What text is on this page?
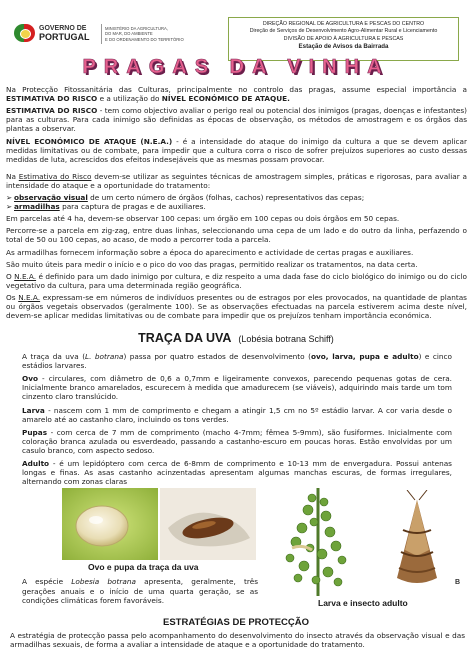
GOVERNO DE
PORTUGAL
MINISTÉRIO DA AGRICULTURA,
DO MAR, DO AMBIENTE
E DO ORDENAMENTO DO TERRITÓRIO
DIREÇÃO REGIONAL DE AGRICULTURA E PESCAS DO CENTRO
Direção de Serviços de Desenvolvimento Agro-Alimentar Rural e Licenciamento
DIVISÃO DE APOIO À AGRICULTURA E PESCAS
Estação de Avisos da Bairrada
PRAGAS DA VINHA
Na Protecção Fitossanitária das Culturas, principalmente no controlo das pragas, assume especial importância a ESTIMATIVA DO RISCO e a utilização do NÍVEL ECONÓMICO DE ATAQUE.
ESTIMATIVA DO RISCO - tem como objectivo avaliar o perigo real ou potencial dos inimigos (pragas, doenças e infestantes) para as culturas. Para cada inimigo são definidas as épocas de observação, os métodos de amostragem e os órgãos das plantas a observar.
NÍVEL ECONÓMICO DE ATAQUE (N.E.A.) - é a intensidade do ataque do inimigo da cultura a que se devem aplicar medidas limitativas ou de combate, para impedir que a cultura corra o risco de sofrer prejuízos superiores ao custo dessas medidas de luta, acrescidos dos efeitos indesejáveis que as mesmas possam provocar.
Na Estimativa do Risco devem-se utilizar as seguintes técnicas de amostragem simples, práticas e rigorosas, para avaliar a intensidade do ataque e a oportunidade do tratamento:
➢ observação visual de um certo número de órgãos (folhas, cachos) representativos das cepas;
➢ armadilhas para captura de pragas e de auxiliares.
Em parcelas até 4 ha, devem-se observar 100 cepas: um órgão em 100 cepas ou dois órgãos em 50 cepas.
Percorre-se a parcela em zig-zag, entre duas linhas, seleccionando uma cepa de um lado e do outro da linha, perfazendo o total de 50 ou 100 cepas, ao acaso, de modo a percorrer toda a parcela.
As armadilhas fornecem informação sobre a época do aparecimento e actividade de certas pragas e auxiliares.
São muito úteis para medir o início e o pico do voo das pragas, permitido realizar os tratamentos, na data certa.
O N.E.A. é definido para um dado inimigo por cultura, e diz respeito a uma dada fase do ciclo biológico do inimigo ou do ciclo vegetativo da cultura, para uma determinada região geográfica.
Os N.E.A. expressam-se em números de indivíduos presentes ou de estragos por eles provocados, na quantidade de plantas ou órgãos vegetais observados (geralmente 100). Se as observações efectuadas na parcela estiverem acima deste nível, devem-se aplicar medidas limitativas ou de combate para impedir que os prejuízos tenham importância económica.
TRAÇA DA UVA (Lobésia botrana Schiff)
A traça da uva (L. botrana) passa por quatro estados de desenvolvimento (ovo, larva, pupa e adulto) e cinco estádios larvares.
Ovo - circulares, com diâmetro de 0,6 a 0,7mm e ligeiramente convexos, parecendo pequenas gotas de cera. Inicialmente branco amarelados, escurecem à medida que amadurecem (se viáveis), adquirindo mais tarde um tom cinzento claro translúcido.
Larva - nascem com 1 mm de comprimento e chegam a atingir 1,5 cm no 5º estádio larvar. A cor varia desde o amarelo até ao castanho claro, incluindo os tons verdes.
Pupas - com cerca de 7 mm de comprimento (macho 4-7mm; fêmea 5-9mm), são fusiformes. Inicialmente com coloração branca azulada ou esverdeado, passando a castanho-escuro em poucas horas. Estão envolvidas por um casulo branco, com aspecto sedoso.
Adulto - é um lepidóptero com cerca de 6-8mm de comprimento e 10-13 mm de envergadura. Possui antenas longas e finas. As asas castanho acinzentadas apresentam algumas manchas escuras, de formas irregulares, alternando com zonas claras
B
Ovo e pupa da traça da uva
A espécie Lobesia botrana apresenta, geralmente, três gerações anuais e o início de uma quarta geração, se as condições climáticas forem favoráveis.	Larva e insecto adulto
ESTRATÉGIAS DE PROTECÇÃO
A estratégia de protecção passa pelo acompanhamento do desenvolvimento do insecto através da observação visual e das armadilhas sexuais, de forma a avaliar a intensidade de ataque e a oportunidade do tratamento.
